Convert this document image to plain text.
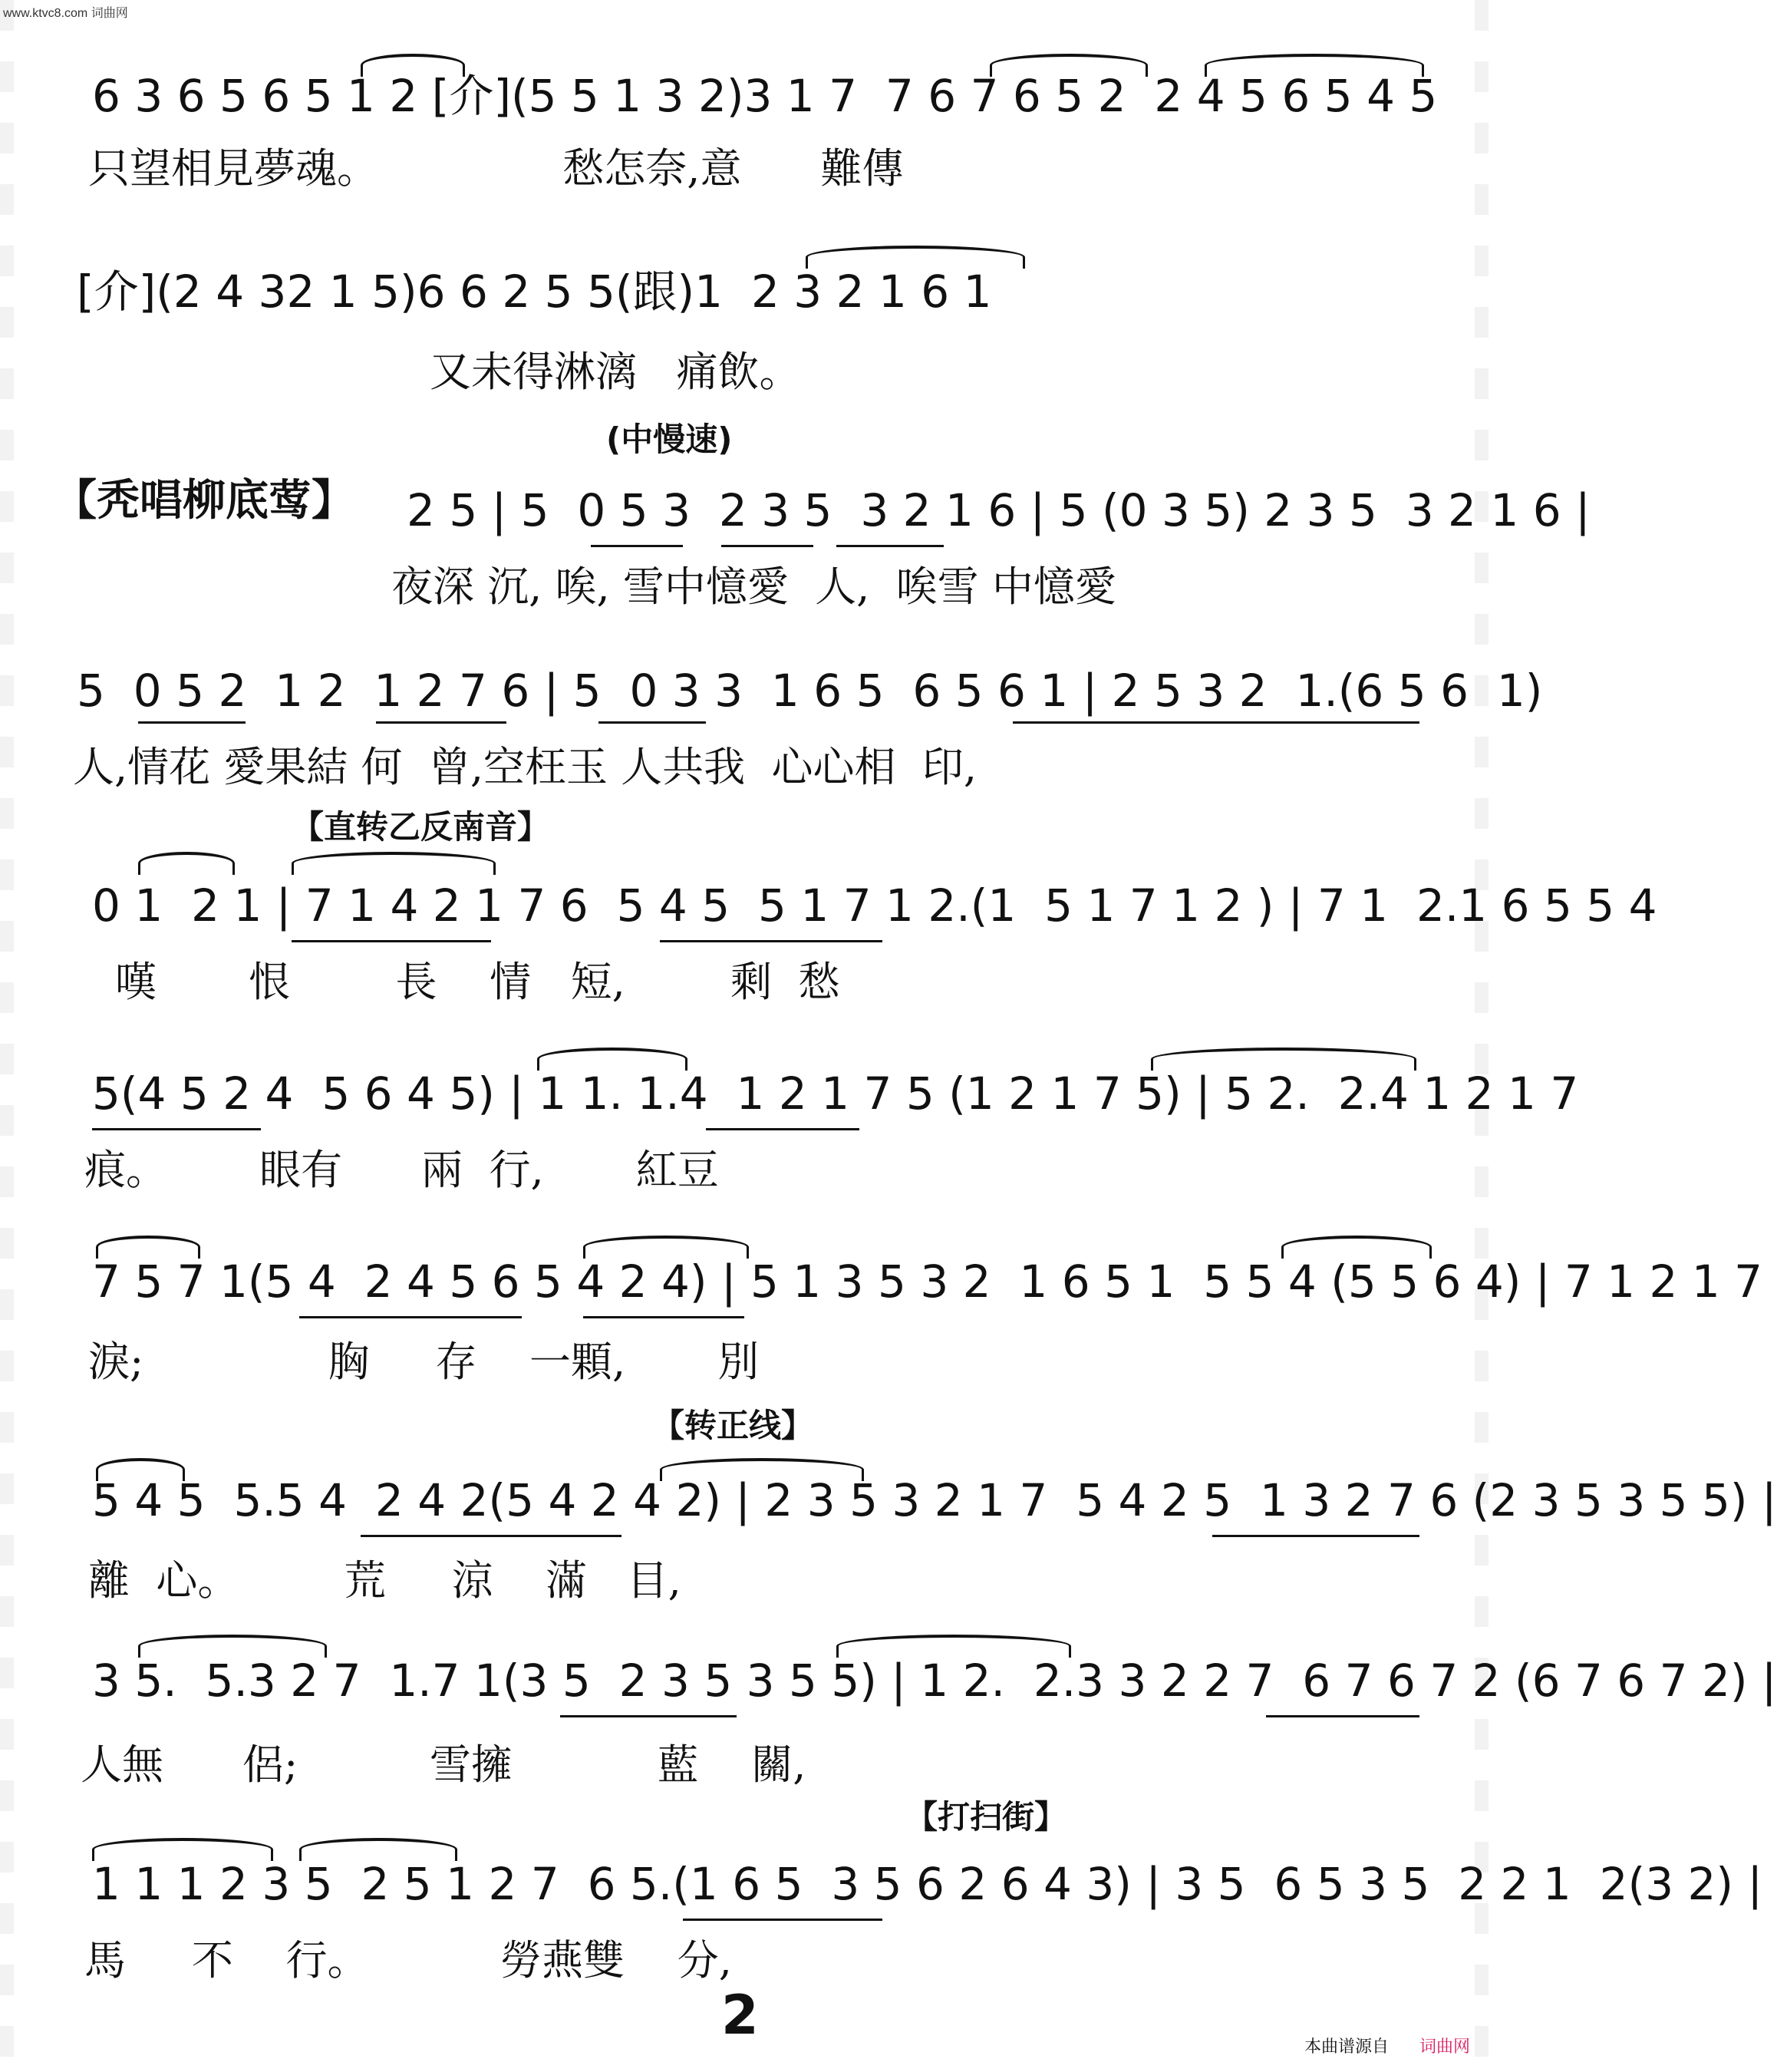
www.ktvc8.com 词曲网
6 3 6 5 6 5 1 2 [介](5 5 1 3 2)3 1 7  7 6 7 6 5 2  2 4 5 6 5 4 5
只望相見夢魂。              愁怎奈,意      難傳
[介](2 4 32 1 5)6 6 2 5 5(跟)1  2 3 2 1 6 1
又未得淋漓   痛飲。
(中慢速)
【秃唱柳底莺】 2 5 | 5  0 5 3  2 3 5  3 2 1 6 | 5 (0 3 5) 2 3 5  3 2 1 6 |
夜深 沉, 唉, 雪中憶愛  人,  唉雪 中憶愛
5  0 5 2  1 2  1 2 7 6 | 5  0 3 3  1 6 5  6 5 6 1 | 2 5 3 2  1.(6 5 6  1)
人,情花 愛果結 何  曾,空枉玉 人共我  心心相  印,
【直转乙反南音】
0 1  2 1 | 7 1 4 2 1 7 6  5 4 5  5 1 7 1 2.(1  5 1 7 1 2 ) | 7 1  2.1 6 5 5 4
嘆       恨        長    情   短,        剩  愁
5(4 5 2 4  5 6 4 5) | 1 1. 1.4  1 2 1 7 5 (1 2 1 7 5) | 5 2.  2.4 1 2 1 7
痕。       眼有      兩  行,       紅豆
7 5 7 1(5 4  2 4 5 6 5 4 2 4) | 5 1 3 5 3 2  1 6 5 1  5 5 4 (5 5 6 4) | 7 1 2 1 7
淚;              胸     存    一顆,       別
【转正线】
5 4 5  5.5 4  2 4 2(5 4 2 4 2) | 2 3 5 3 2 1 7  5 4 2 5  1 3 2 7 6 (2 3 5 3 5 5) |
離  心。        荒     涼    滿   目,
3 5.  5.3 2 7  1.7 1(3 5  2 3 5 3 5 5) | 1 2.  2.3 3 2 2 7  6 7 6 7 2 (6 7 6 7 2) |
人無      侶;          雪擁           藍    關,
【打扫街】
1 1 1 2 3 5  2 5 1 2 7  6 5.(1 6 5  3 5 6 2 6 4 3) | 3 5  6 5 3 5  2 2 1  2(3 2) |
馬     不    行。          勞燕雙    分,
2	本曲谱源自 词曲网
